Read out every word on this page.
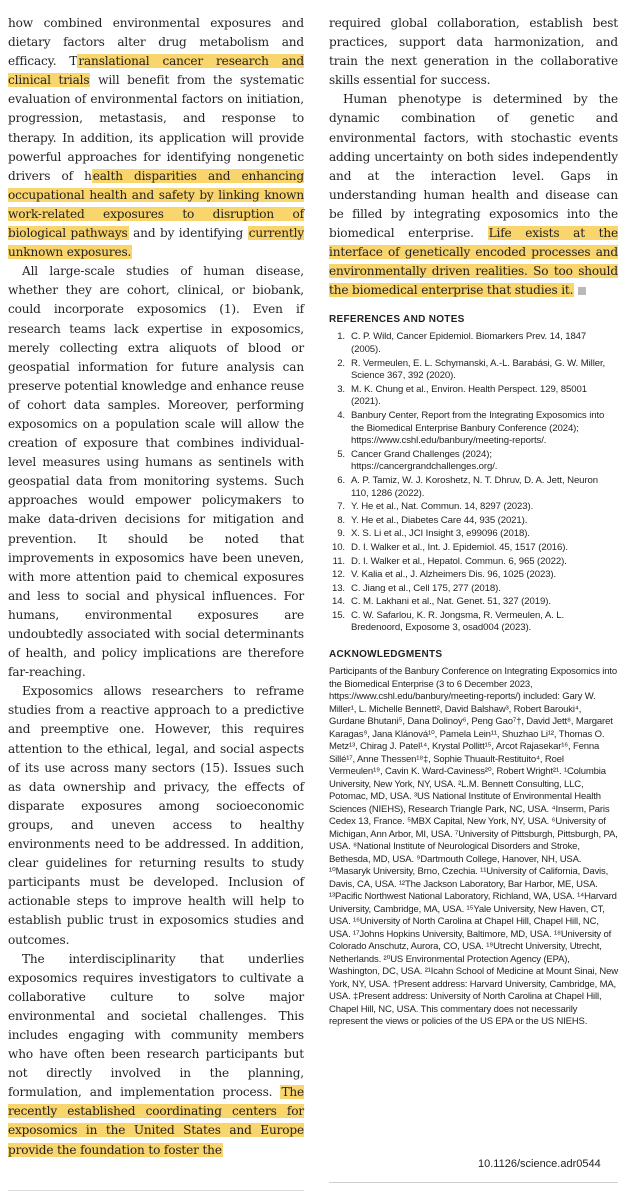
how combined environmental exposures and dietary factors alter drug metabolism and efficacy. Translational cancer research and clinical trials will benefit from the systematic evaluation of environmental factors on initiation, progression, metastasis, and response to therapy. In addition, its application will provide powerful approaches for identifying nongenetic drivers of health disparities and enhancing occupational health and safety by linking known work-related exposures to disruption of biological pathways and by identifying currently unknown exposures.

All large-scale studies of human disease, whether they are cohort, clinical, or biobank, could incorporate exposomics (1). Even if research teams lack expertise in exposomics, merely collecting extra aliquots of blood or geospatial information for future analysis can preserve potential knowledge and enhance reuse of cohort data samples. Moreover, performing exposomics on a population scale will allow the creation of exposure that combines individual-level measures using humans as sentinels with geospatial data from monitoring systems. Such approaches would empower policymakers to make data-driven decisions for mitigation and prevention. It should be noted that improvements in exposomics have been uneven, with more attention paid to chemical exposures and less to social and physical influences. For humans, environmental exposures are undoubtedly associated with social determinants of health, and policy implications are therefore far-reaching.

Exposomics allows researchers to reframe studies from a reactive approach to a predictive and preemptive one. However, this requires attention to the ethical, legal, and social aspects of its use across many sectors (15). Issues such as data ownership and privacy, the effects of disparate exposures among socioeconomic groups, and uneven access to healthy environments need to be addressed. In addition, clear guidelines for returning results to study participants must be developed. Inclusion of actionable steps to improve health will help to establish public trust in exposomics studies and outcomes.

The interdisciplinarity that underlies exposomics requires investigators to cultivate a collaborative culture to solve major environmental and societal challenges. This includes engaging with community members who have often been research participants but not directly involved in the planning, formulation, and implementation process. The recently established coordinating centers for exposomics in the United States and Europe provide the foundation to foster the

required global collaboration, establish best practices, support data harmonization, and train the next generation in the collaborative skills essential for success.

Human phenotype is determined by the dynamic combination of genetic and environmental factors, with stochastic events adding uncertainty on both sides independently and at the interaction level. Gaps in understanding human health and disease can be filled by integrating exposomics into the biomedical enterprise. Life exists at the interface of genetically encoded processes and environmentally driven realities. So too should the biomedical enterprise that studies it.

REFERENCES AND NOTES
1. C. P. Wild, Cancer Epidemiol. Biomarkers Prev. 14, 1847 (2005).
2. R. Vermeulen, E. L. Schymanski, A.-L. Barabási, G. W. Miller, Science 367, 392 (2020).
3. M. K. Chung et al., Environ. Health Perspect. 129, 85001 (2021).
4. Banbury Center, Report from the Integrating Exposomics into the Biomedical Enterprise Banbury Conference (2024); https://www.cshl.edu/banbury/meeting-reports/.
5. Cancer Grand Challenges (2024); https://cancergrandchallenges.org/.
6. A. P. Tamiz, W. J. Koroshetz, N. T. Dhruv, D. A. Jett, Neuron 110, 1286 (2022).
7. Y. He et al., Nat. Commun. 14, 8297 (2023).
8. Y. He et al., Diabetes Care 44, 935 (2021).
9. X. S. Li et al., JCI Insight 3, e99096 (2018).
10. D. I. Walker et al., Int. J. Epidemiol. 45, 1517 (2016).
11. D. I. Walker et al., Hepatol. Commun. 6, 965 (2022).
12. V. Kalia et al., J. Alzheimers Dis. 96, 1025 (2023).
13. C. Jiang et al., Cell 175, 277 (2018).
14. C. M. Lakhani et al., Nat. Genet. 51, 327 (2019).
15. C. W. Safarlou, K. R. Jongsma, R. Vermeulen, A. L. Bredenoord, Exposome 3, osad004 (2023).
ACKNOWLEDGMENTS

Participants of the Banbury Conference on Integrating Exposomics into the Biomedical Enterprise (3 to 6 December 2023, https://www.cshl.edu/banbury/meeting-reports/) included: Gary W. Miller¹, L. Michelle Bennett², David Balshaw³, Robert Barouki⁴, Gurdane Bhutani⁵, Dana Dolinoy⁶, Peng Gao⁷†, David Jett⁸, Margaret Karagas⁹, Jana Klánová¹⁰, Pamela Lein¹¹, Shuzhao Li¹², Thomas O. Metz¹³, Chirag J. Patel¹⁴, Krystal Pollitt¹⁵, Arcot Rajasekar¹⁶, Fenna Sillé¹⁷, Anne Thessen¹⁸‡, Sophie Thuault-Restituito⁴, Roel Vermeulen¹⁹, Cavin K. Ward-Caviness²⁰, Robert Wright²¹. ¹Columbia University, New York, NY, USA. ²L.M. Bennett Consulting, LLC, Potomac, MD, USA. ³US National Institute of Environmental Health Sciences (NIEHS), Research Triangle Park, NC, USA. ⁴Inserm, Paris Cedex 13, France. ⁵MBX Capital, New York, NY, USA. ⁶University of Michigan, Ann Arbor, MI, USA. ⁷University of Pittsburgh, Pittsburgh, PA, USA. ⁸National Institute of Neurological Disorders and Stroke, Bethesda, MD, USA. ⁹Dartmouth College, Hanover, NH, USA. ¹⁰Masaryk University, Brno, Czechia. ¹¹University of California, Davis, Davis, CA, USA. ¹²The Jackson Laboratory, Bar Harbor, ME, USA. ¹³Pacific Northwest National Laboratory, Richland, WA, USA. ¹⁴Harvard University, Cambridge, MA, USA. ¹⁵Yale University, New Haven, CT, USA. ¹⁶University of North Carolina at Chapel Hill, Chapel Hill, NC, USA. ¹⁷Johns Hopkins University, Baltimore, MD, USA. ¹⁸University of Colorado Anschutz, Aurora, CO, USA. ¹⁹Utrecht University, Utrecht, Netherlands. ²⁰US Environmental Protection Agency (EPA), Washington, DC, USA. ²¹Icahn School of Medicine at Mount Sinai, New York, NY, USA. †Present address: Harvard University, Cambridge, MA, USA. ‡Present address: University of North Carolina at Chapel Hill, Chapel Hill, NC, USA. This commentary does not necessarily represent the views or policies of the US EPA or the US NIEHS.

10.1126/science.adr0544
